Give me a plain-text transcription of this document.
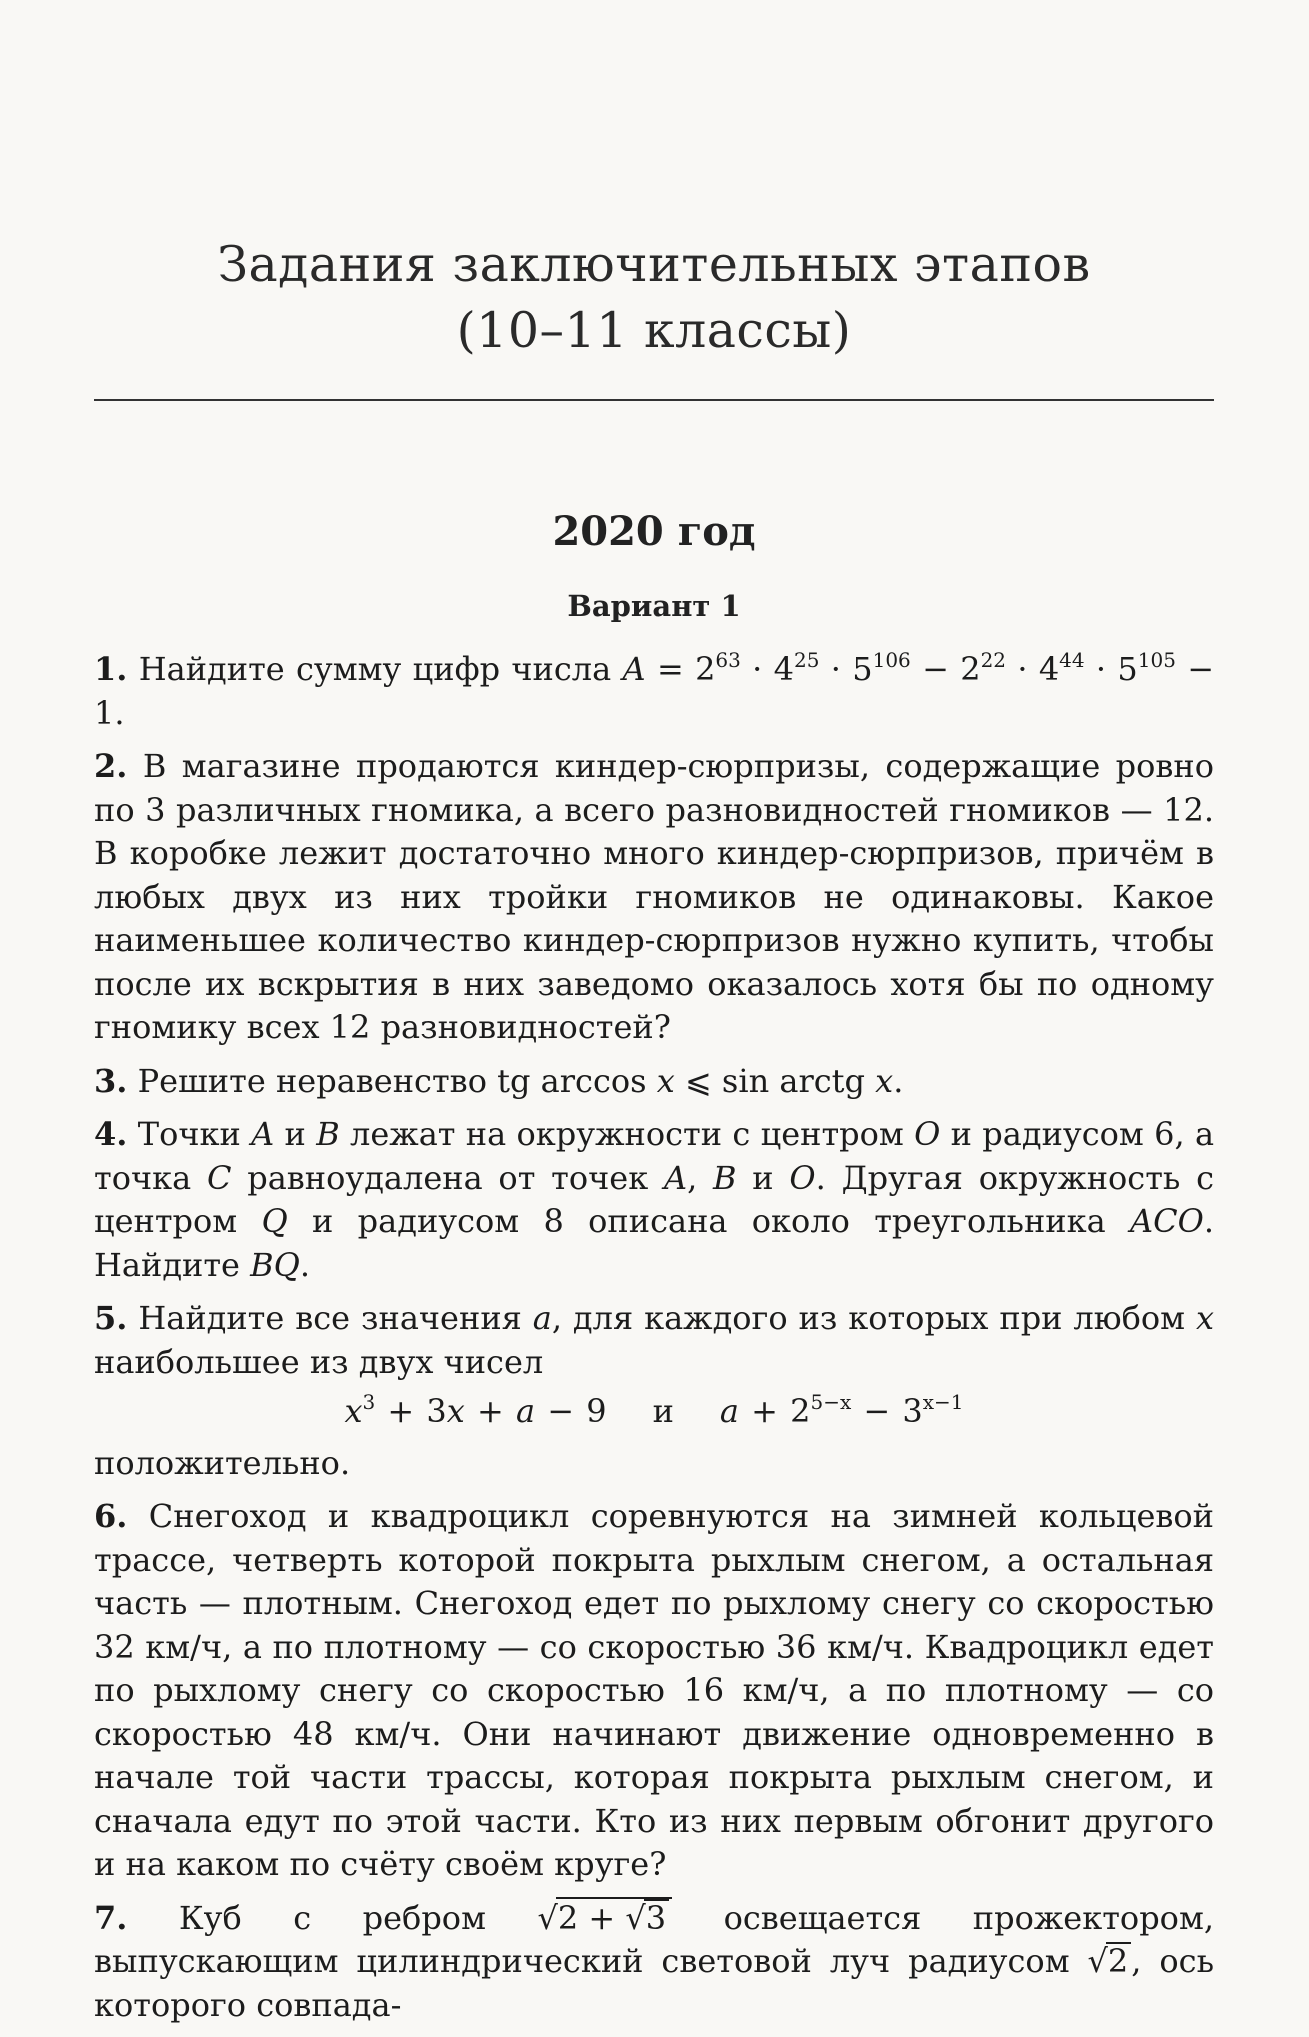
Задания заключительных этапов
(10–11 классы)
2020 год
Вариант 1

1. Найдите сумму цифр числа $A = 2^{63} \cdot 4^{25} \cdot 5^{106} - 2^{22} \cdot 4^{44} \cdot 5^{105} - 1$.

2. В магазине продаются киндер-сюрпризы, содержащие ровно по 3 различных гномика, а всего разновидностей гномиков — 12. В коробке лежит достаточно много киндер-сюрпризов, причём в любых двух из них тройки гномиков не одинаковы. Какое наименьшее количество киндер-сюрпризов нужно купить, чтобы после их вскрытия в них заведомо оказалось хотя бы по одному гномику всех 12 разновидностей?

3. Решите неравенство tg arccos x ⩽ sin arctg x.

4. Точки A и B лежат на окружности с центром O и радиусом 6, а точка C равноудалена от точек A, B и O. Другая окружность с центром Q и радиусом 8 описана около треугольника ACO. Найдите BQ.

5. Найдите все значения a, для каждого из которых при любом x наибольшее из двух чисел
$x^3 + 3x + a - 9$ и $a + 2^{5-x} - 3^{x-1}$
положительно.

6. Снегоход и квадроцикл соревнуются на зимней кольцевой трассе, четверть которой покрыта рыхлым снегом, а остальная часть — плотным. Снегоход едет по рыхлому снегу со скоростью 32 км/ч, а по плотному — со скоростью 36 км/ч. Квадроцикл едет по рыхлому снегу со скоростью 16 км/ч, а по плотному — со скоростью 48 км/ч. Они начинают движение одновременно в начале той части трассы, которая покрыта рыхлым снегом, и сначала едут по этой части. Кто из них первым обгонит другого и на каком по счёту своём круге?

7. Куб с ребром √2 + √3 освещается прожектором, выпускающим цилиндрический световой луч радиусом √2, ось которого совпада-
